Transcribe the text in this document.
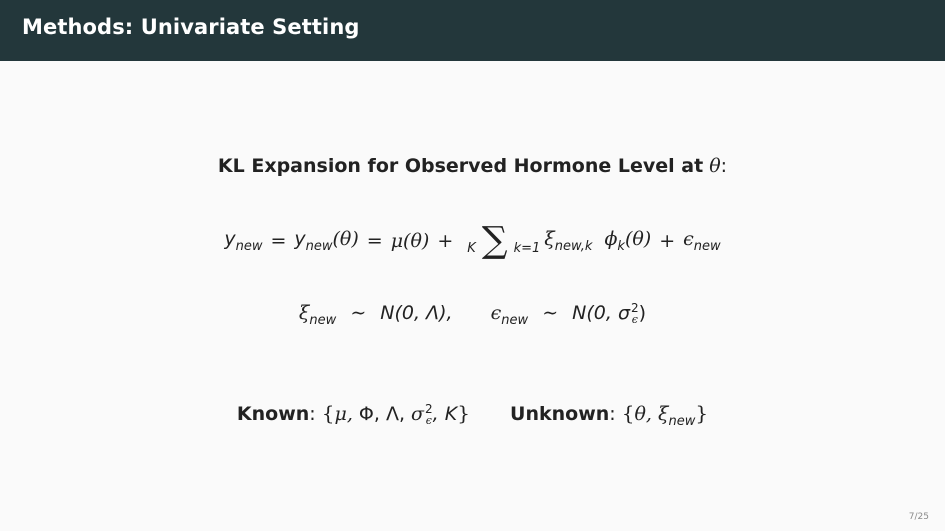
Methods: Univariate Setting
KL Expansion for Observed Hormone Level at θ:
$y_{new} = y_{new}(\theta) = \mu(\theta) + K$ ∑ k=1 $\xi_{new,k}$ $\phi_k(\theta) + \epsilon_{new}$
$\xi_{new}$ ∼ N(0, Λ), $\epsilon_{new}$ ∼ N(0, σ 2
ϵ )
Known: {μ, Φ, Λ, σ 2
ϵ , K} Unknown: {θ, $\xi_{new}$}
7/25
